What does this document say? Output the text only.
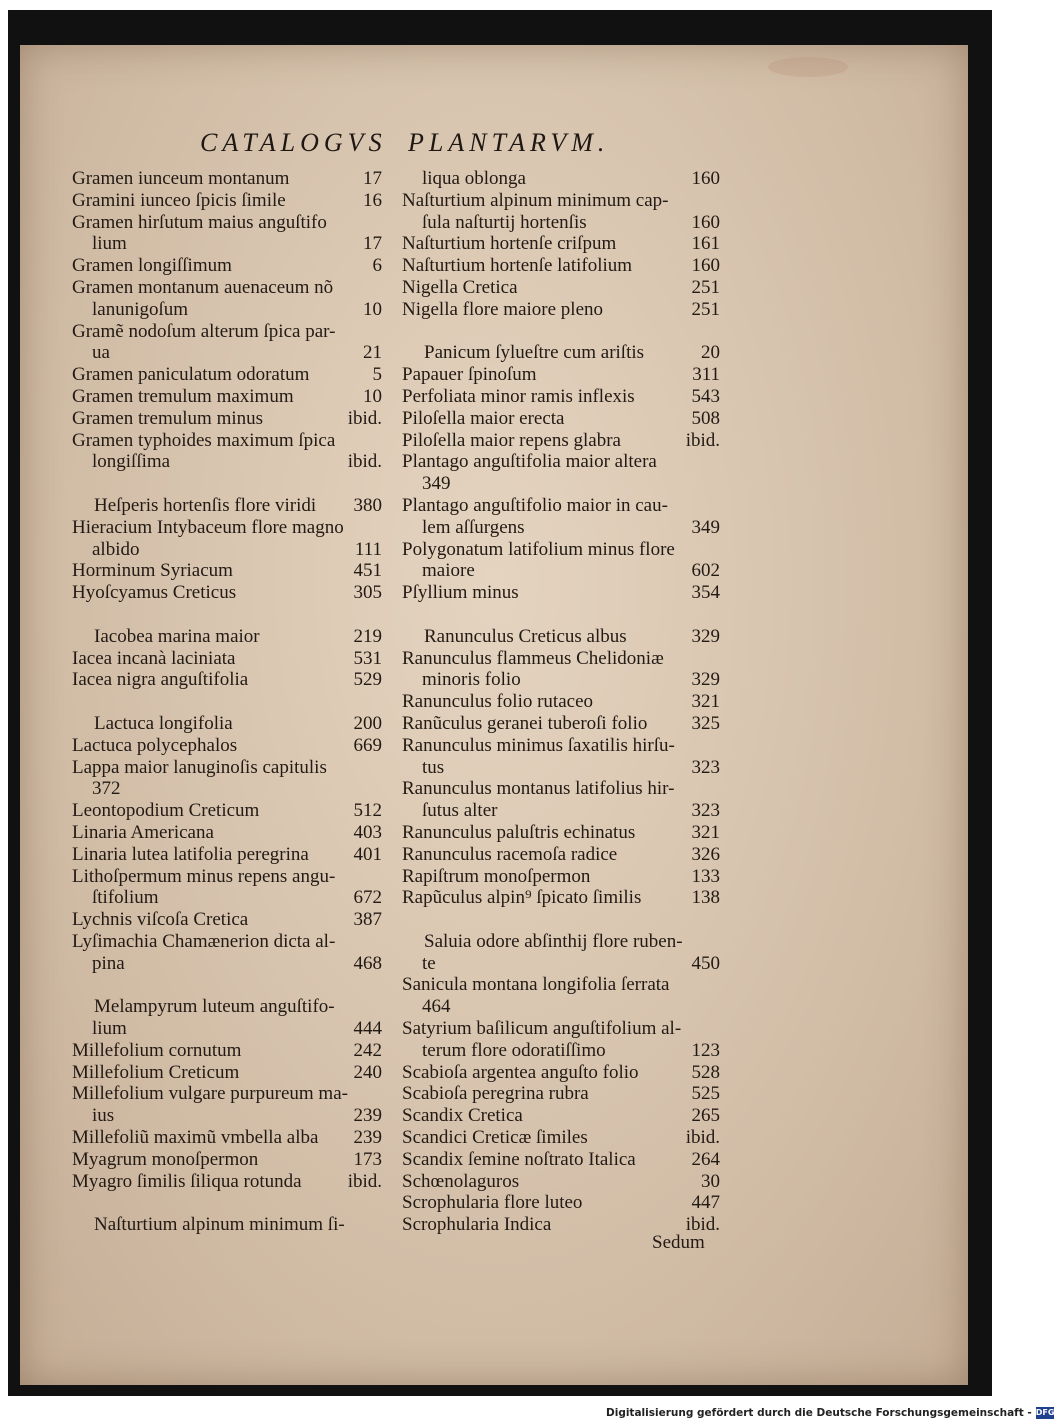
CATALOGVS PLANTARVM.
Gramen iunceum montanum	17
Gramini iunceo ſpicis ſimile	16
Gramen hirſutum maius anguſtifo
lium	17
Gramen longiſſimum	6
Gramen montanum auenaceum nõ
lanunigoſum	10
Gramẽ nodoſum alterum ſpica par-
ua	21
Gramen paniculatum odoratum	5
Gramen tremulum maximum	10
Gramen tremulum minus	ibid.
Gramen typhoides maximum ſpica
longiſſima	ibid.
Heſperis hortenſis flore viridi	380
Hieracium Intybaceum flore magno
albido	111
Horminum Syriacum	451
Hyoſcyamus Creticus	305
Iacobea marina maior	219
Iacea incanà laciniata	531
Iacea nigra anguſtifolia	529
Lactuca longifolia	200
Lactuca polycephalos	669
Lappa maior lanuginoſis capitulis
372
Leontopodium Creticum	512
Linaria Americana	403
Linaria lutea latifolia peregrina	401
Lithoſpermum minus repens angu-
ſtifolium	672
Lychnis viſcoſa Cretica	387
Lyſimachia Chamænerion dicta al-
pina	468
Melampyrum luteum anguſtifo-
lium	444
Millefolium cornutum	242
Millefolium Creticum	240
Millefolium vulgare purpureum ma-
ius	239
Millefoliũ maximũ vmbella alba	239
Myagrum monoſpermon	173
Myagro ſimilis ſiliqua rotunda	ibid.
Naſturtium alpinum minimum ſi-
liqua oblonga	160
Naſturtium alpinum minimum cap-
ſula naſturtij hortenſis	160
Naſturtium hortenſe criſpum	161
Naſturtium hortenſe latifolium	160
Nigella Cretica	251
Nigella flore maiore pleno	251
Panicum ſylueſtre cum ariſtis	20
Papauer ſpinoſum	311
Perfoliata minor ramis inflexis	543
Piloſella maior erecta	508
Piloſella maior repens glabra	ibid.
Plantago anguſtifolia maior altera
349
Plantago anguſtifolio maior in cau-
lem aſſurgens	349
Polygonatum latifolium minus flore
maiore	602
Pſyllium minus	354
Ranunculus Creticus albus	329
Ranunculus flammeus Chelidoniæ
minoris folio	329
Ranunculus folio rutaceo	321
Ranũculus geranei tuberoſi folio	325
Ranunculus minimus ſaxatilis hirſu-
tus	323
Ranunculus montanus latifolius hir-
ſutus alter	323
Ranunculus paluſtris echinatus	321
Ranunculus racemoſa radice	326
Rapiſtrum monoſpermon	133
Rapũculus alpin⁹ ſpicato ſimilis	138
Saluia odore abſinthij flore ruben-
te	450
Sanicula montana longifolia ſerrata
464
Satyrium baſilicum anguſtifolium al-
terum flore odoratiſſimo	123
Scabioſa argentea anguſto folio	528
Scabioſa peregrina rubra	525
Scandix Cretica	265
Scandici Creticæ ſimiles	ibid.
Scandix ſemine noſtrato Italica	264
Schœnolaguros	30
Scrophularia flore luteo	447
Scrophularia Indica	ibid.
Sedum
Digitalisierung gefördert durch die Deutsche Forschungsgemeinschaft - DFG
